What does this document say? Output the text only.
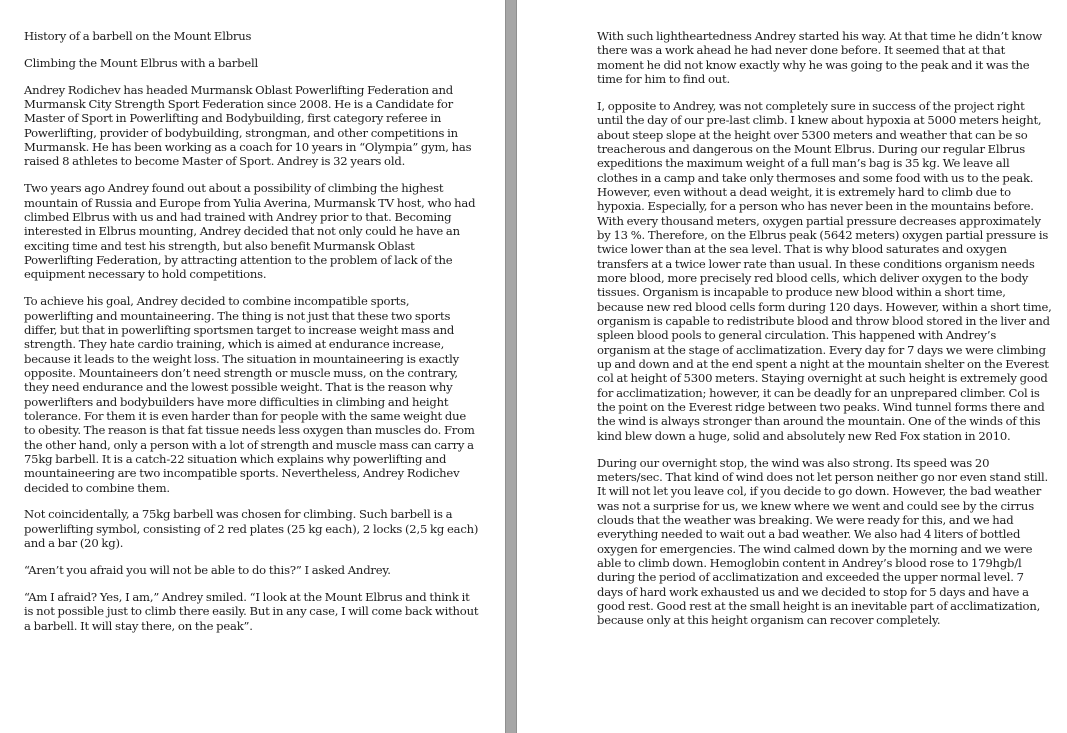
History of a barbell on the Mount Elbrus

Climbing the Mount Elbrus with a barbell

Andrey Rodichev has headed Murmansk Oblast Powerlifting Federation and Murmansk City Strength Sport Federation since 2008. He is a Candidate for Master of Sport in Powerlifting and Bodybuilding, first category referee in Powerlifting, provider of bodybuilding, strongman, and other competitions in Murmansk. He has been working as a coach for 10 years in “Olympia” gym, has raised 8 athletes to become Master of Sport. Andrey is 32 years old.

Two years ago Andrey found out about a possibility of climbing the highest mountain of Russia and Europe from Yulia Averina, Murmansk TV host, who had climbed Elbrus with us and had trained with Andrey prior to that. Becoming interested in Elbrus mounting, Andrey decided that not only could he have an exciting time and test his strength, but also benefit Murmansk Oblast Powerlifting Federation, by attracting attention to the problem of lack of the equipment necessary to hold competitions.

To achieve his goal, Andrey decided to combine incompatible sports, powerlifting and mountaineering. The thing is not just that these two sports differ, but that in powerlifting sportsmen target to increase weight mass and strength. They hate cardio training, which is aimed at endurance increase, because it leads to the weight loss. The situation in mountaineering is exactly opposite. Mountaineers don’t need strength or muscle muss, on the contrary, they need endurance and the lowest possible weight. That is the reason why powerlifters and bodybuilders have more difficulties in climbing and height tolerance. For them it is even harder than for people with the same weight due to obesity. The reason is that fat tissue needs less oxygen than muscles do. From the other hand, only a person with a lot of strength and muscle mass can carry a 75kg barbell. It is a catch-22 situation which explains why powerlifting and mountaineering are two incompatible sports. Nevertheless, Andrey Rodichev decided to combine them.

Not coincidentally, a 75kg barbell was chosen for climbing. Such barbell is a powerlifting symbol, consisting of 2 red plates (25 kg each), 2 locks (2,5 kg each) and a bar (20 kg).

“Aren’t you afraid you will not be able to do this?” I asked Andrey.

“Am I afraid? Yes, I am,” Andrey smiled. “I look at the Mount Elbrus and think it is not possible just to climb there easily. But in any case, I will come back without a barbell. It will stay there, on the peak”.

With such lightheartedness Andrey started his way. At that time he didn’t know there was a work ahead he had never done before. It seemed that at that moment he did not know exactly why he was going to the peak and it was the time for him to find out.

I, opposite to Andrey, was not completely sure in success of the project right until the day of our pre-last climb. I knew about hypoxia at 5000 meters height, about steep slope at the height over 5300 meters and weather that can be so treacherous and dangerous on the Mount Elbrus. During our regular Elbrus expeditions the maximum weight of a full man’s bag is 35 kg. We leave all clothes in a camp and take only thermoses and some food with us to the peak. However, even without a dead weight, it is extremely hard to climb due to hypoxia. Especially, for a person who has never been in the mountains before. With every thousand meters, oxygen partial pressure decreases approximately by 13 %. Therefore, on the Elbrus peak (5642 meters) oxygen partial pressure is twice lower than at the sea level. That is why blood saturates and oxygen transfers at a twice lower rate than usual. In these conditions organism needs more blood, more precisely red blood cells, which deliver oxygen to the body tissues. Organism is incapable to produce new blood within a short time, because new red blood cells form during 120 days. However, within a short time, organism is capable to redistribute blood and throw blood stored in the liver and spleen blood pools to general circulation. This happened with Andrey’s organism at the stage of acclimatization. Every day for 7 days we were climbing up and down and at the end spent a night at the mountain shelter on the Everest col at height of 5300 meters. Staying overnight at such height is extremely good for acclimatization; however, it can be deadly for an unprepared climber. Col is the point on the Everest ridge between two peaks. Wind tunnel forms there and the wind is always stronger than around the mountain. One of the winds of this kind blew down a huge, solid and absolutely new Red Fox station in 2010.

During our overnight stop, the wind was also strong. Its speed was 20 meters/sec. That kind of wind does not let person neither go nor even stand still. It will not let you leave col, if you decide to go down. However, the bad weather was not a surprise for us, we knew where we went and could see by the cirrus clouds that the weather was breaking. We were ready for this, and we had everything needed to wait out a bad weather. We also had 4 liters of bottled oxygen for emergencies. The wind calmed down by the morning and we were able to climb down. Hemoglobin content in Andrey’s blood rose to 179hgb/l during the period of acclimatization and exceeded the upper normal level. 7 days of hard work exhausted us and we decided to stop for 5 days and have a good rest. Good rest at the small height is an inevitable part of acclimatization, because only at this height organism can recover completely.
